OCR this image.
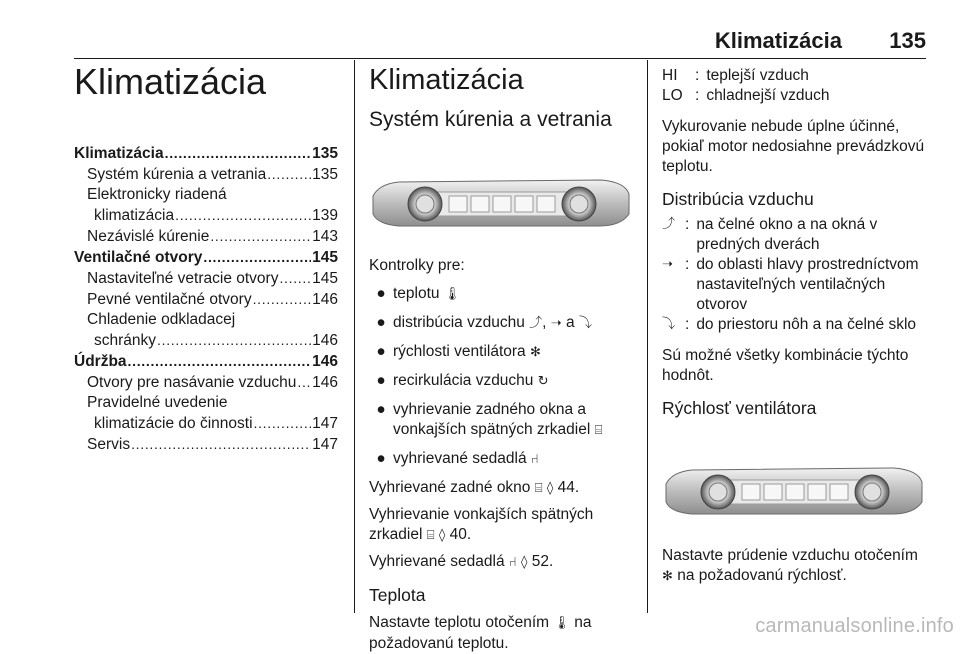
Klimatizácia 135
Klimatizácia
Klimatizácia . . .	135
Systém kúrenia a vetrania . . .	135
Elektronicky riadená
klimatizácia . . .	139
Nezávislé kúrenie . . .	143
Ventilačné otvory . . .	145
Nastaviteľné vetracie otvory . . . 145
Pevné ventilačné otvory . . .	146
Chladenie odkladacej
schránky . . .	146
Údržba . . .	146
Otvory pre nasávanie vzduchu . . . 146
Pravidelné uvedenie
klimatizácie do činnosti . . .	147
Servis . . .	147
Klimatizácia
Systém kúrenia a vetrania

Kontrolky pre:

● teplotu 🌡
● distribúcia vzduchu ⤴, ➝ a ⤵
● rýchlosti ventilátora ✻
● recirkulácia vzduchu ↻
● vyhrievanie zadného okna a vonkajších spätných zrkadiel ⌸
● vyhrievané sedadlá ⑁

Vyhrievané zadné okno ⌸ ◊ 44.

Vyhrievanie vonkajších spätných zrkadiel ⌸ ◊ 40.

Vyhrievané sedadlá ⑁ ◊ 52.

Teplota

Nastavte teplotu otočením 🌡 na požadovanú teplotu.

HI	: teplejší vzduch
LO : chladnejší vzduch

Vykurovanie nebude úplne účinné, pokiaľ motor nedosiahne prevádzkovú teplotu.

Distribúcia vzduchu
⤴ : na čelné okno a na okná v predných dverách
➝ : do oblasti hlavy prostredníctvom nastaviteľných ventilačných otvorov
⤵ : do priestoru nôh a na čelné sklo

Sú možné všetky kombinácie týchto hodnôt.

Rýchlosť ventilátora

Nastavte prúdenie vzduchu otočením ✻ na požadovanú rýchlosť.

carmanualsonline.info
